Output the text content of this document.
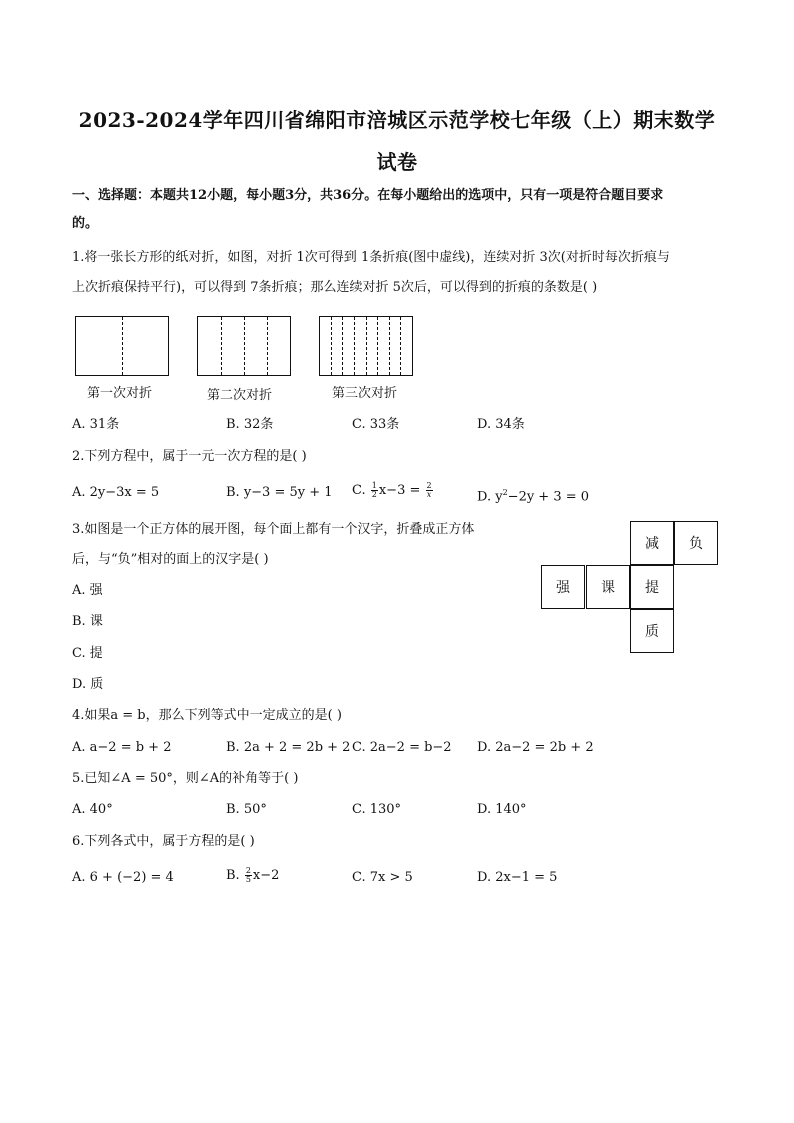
2023-2024学年四川省绵阳市涪城区示范学校七年级（上）期末数学
试卷
一、选择题：本题共12小题，每小题3分，共36分。在每小题给出的选项中，只有一项是符合题目要求
的。
1.将一张长方形的纸对折，如图，对折 1次可得到 1条折痕(图中虚线)，连续对折 3次(对折时每次折痕与
上次折痕保持平行)，可以得到 7条折痕；那么连续对折 5次后，可以得到的折痕的条数是( )
第一次对折	第二次对折	第三次对折
A. 31条	B. 32条	C. 33条	D. 34条
2.下列方程中，属于一元一次方程的是( )
A. 2y−3x = 5	B. y−3 = 5y + 1 C. $\frac{1}{2} x-3 = \frac{2}{x}$	D. $y^2-2y + 3 = 0$
3.如图是一个正方体的展开图，每个面上都有一个汉字，折叠成正方体
后，与“负”相对的面上的汉字是( )
A. 强
B. 课
C. 提
D. 质
减	负
强	课	提
质
4.如果a = b，那么下列等式中一定成立的是( )
A. a−2 = b + 2	B. 2a + 2 = 2b + 2 C. 2a−2 = b−2 D. 2a−2 = 2b + 2
5.已知∠A = 50°，则∠A的补角等于( )
A. 40°	B. 50°	C. 130°	D. 140°
6.下列各式中，属于方程的是( )
A. 6 + (−2) = 4	B. $\frac{2}{5} x-2$	C. 7x > 5	D. 2x−1 = 5
